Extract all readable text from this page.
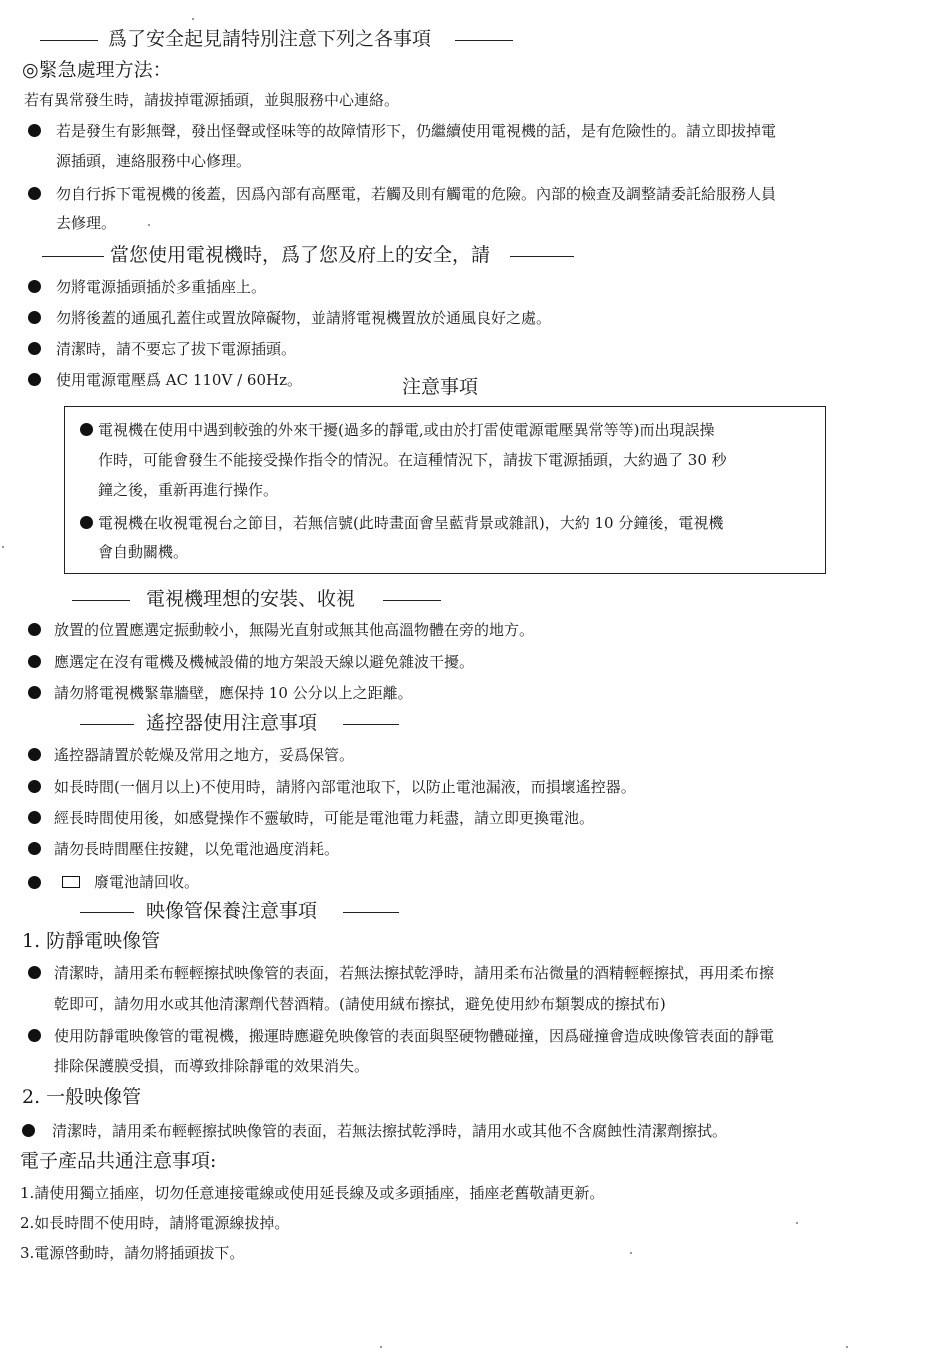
爲了安全起見請特別注意下列之各事項
◎緊急處理方法：
若有異常發生時，請拔掉電源插頭，並與服務中心連絡。
若是發生有影無聲，發出怪聲或怪味等的故障情形下，仍繼續使用電視機的話，是有危險性的。請立即拔掉電
源插頭，連絡服務中心修理。
勿自行拆下電視機的後蓋，因爲內部有高壓電，若觸及則有觸電的危險。內部的檢查及調整請委託給服務人員
去修理。
當您使用電視機時，爲了您及府上的安全，請
勿將電源插頭插於多重插座上。
勿將後蓋的通風孔蓋住或置放障礙物，並請將電視機置放於通風良好之處。
清潔時，請不要忘了拔下電源插頭。
使用電源電壓爲 AC 110V / 60Hz。	注意事項
電視機在使用中遇到較強的外來干擾(過多的靜電,或由於打雷使電源電壓異常等等)而出現誤操
作時，可能會發生不能接受操作指令的情況。在這種情況下，請拔下電源插頭，大約過了 30 秒
鐘之後，重新再進行操作。
電視機在收視電視台之節目，若無信號(此時畫面會呈藍背景或雜訊)，大約 10 分鐘後，電視機
會自動關機。
電視機理想的安裝、收視
放置的位置應選定振動較小，無陽光直射或無其他高溫物體在旁的地方。
應選定在沒有電機及機械設備的地方架設天線以避免雜波干擾。
請勿將電視機緊靠牆壁，應保持 10 公分以上之距離。
遙控器使用注意事項
遙控器請置於乾燥及常用之地方，妥爲保管。
如長時間(一個月以上)不使用時，請將內部電池取下，以防止電池漏液，而損壞遙控器。
經長時間使用後，如感覺操作不靈敏時，可能是電池電力耗盡，請立即更換電池。
請勿長時間壓住按鍵，以免電池過度消耗。
廢電池請回收。
映像管保養注意事項
1. 防靜電映像管
清潔時，請用柔布輕輕擦拭映像管的表面，若無法擦拭乾淨時，請用柔布沾微量的酒精輕輕擦拭，再用柔布擦
乾即可，請勿用水或其他清潔劑代替酒精。(請使用絨布擦拭，避免使用紗布類製成的擦拭布)
使用防靜電映像管的電視機，搬運時應避免映像管的表面與堅硬物體碰撞，因爲碰撞會造成映像管表面的靜電
排除保護膜受損，而導致排除靜電的效果消失。
2. 一般映像管
清潔時，請用柔布輕輕擦拭映像管的表面，若無法擦拭乾淨時，請用水或其他不含腐蝕性清潔劑擦拭。
電子產品共通注意事項:
1.請使用獨立插座，切勿任意連接電線或使用延長線及或多頭插座，插座老舊敬請更新。
2.如長時間不使用時，請將電源線拔掉。
3.電源啓動時，請勿將插頭拔下。
